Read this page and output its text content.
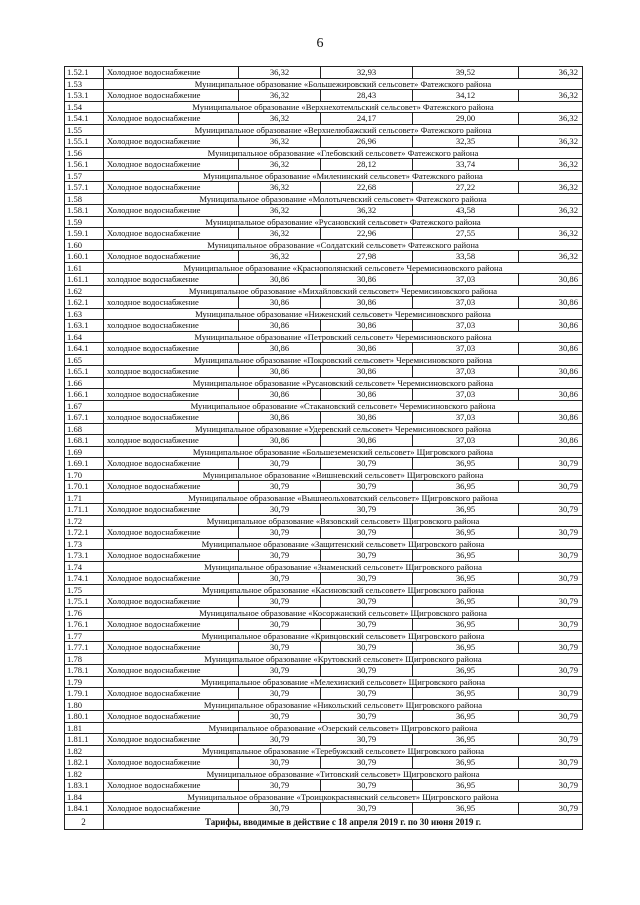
6
1.52.1	Холодное водоснабжение	36,32	32,93	39,52	36,32
1.53	Муниципальное образование «Большежировский сельсовет» Фатежского района				
1.53.1	Холодное водоснабжение	36,32	28,43	34,12	36,32
1.54	Муниципальное образование «Верхнехотемльский сельсовет» Фатежского района				
1.54.1	Холодное водоснабжение	36,32	24,17	29,00	36,32
1.55	Муниципальное образование «Верхнелюбажский сельсовет» Фатежского района				
1.55.1	Холодное водоснабжение	36,32	26,96	32,35	36,32
1.56	Муниципальное образование «Глебовский сельсовет» Фатежского района				
1.56.1	Холодное водоснабжение	36,32	28,12	33,74	36,32
1.57	Муниципальное образование «Миленинский сельсовет» Фатежского района				
1.57.1	Холодное водоснабжение	36,32	22,68	27,22	36,32
1.58	Муниципальное образование «Молотычевский сельсовет» Фатежского района				
1.58.1	Холодное водоснабжение	36,32	36,32	43,58	36,32
1.59	Муниципальное образование «Русановский сельсовет» Фатежского района				
1.59.1	Холодное водоснабжение	36,32	22,96	27,55	36,32
1.60	Муниципальное образование «Солдатский сельсовет» Фатежского района				
1.60.1	Холодное водоснабжение	36,32	27,98	33,58	36,32
1.61	Муниципальное образование «Краснополянский сельсовет» Черемисиновского района				
1.61.1	холодное водоснабжение	30,86	30,86	37,03	30,86
1.62	Муниципальное образование «Михайловский сельсовет» Черемисиновского района				
1.62.1	холодное водоснабжение	30,86	30,86	37,03	30,86
1.63	Муниципальное образование «Ниженский сельсовет» Черемисиновского района				
1.63.1	холодное водоснабжение	30,86	30,86	37,03	30,86
1.64	Муниципальное образование «Петровский сельсовет» Черемисиновского района				
1.64.1	холодное водоснабжение	30,86	30,86	37,03	30,86
1.65	Муниципальное образование «Покровский сельсовет» Черемисиновского района				
1.65.1	холодное водоснабжение	30,86	30,86	37,03	30,86
1.66	Муниципальное образование «Русановский сельсовет» Черемисиновского района				
1.66.1	холодное водоснабжение	30,86	30,86	37,03	30,86
1.67	Муниципальное образование «Стакановский сельсовет» Черемисиновского района				
1.67.1	холодное водоснабжение	30,86	30,86	37,03	30,86
1.68	Муниципальное образование «Удеревский сельсовет» Черемисиновского района				
1.68.1	холодное водоснабжение	30,86	30,86	37,03	30,86
1.69	Муниципальное образование «Большеземенский сельсовет» Щигровского района				
1.69.1	Холодное водоснабжение	30,79	30,79	36,95	30,79
1.70	Муниципальное образование «Вишневский сельсовет» Щигровского района				
1.70.1	Холодное водоснабжение	30,79	30,79	36,95	30,79
1.71	Муниципальное образование «Вышнеольховатский сельсовет» Щигровского района				
1.71.1	Холодное водоснабжение	30,79	30,79	36,95	30,79
1.72	Муниципальное образование «Вязовский сельсовет» Щигровского района				
1.72.1	Холодное водоснабжение	30,79	30,79	36,95	30,79
1.73	Муниципальное образование «Защитенский сельсовет» Щигровского района				
1.73.1	Холодное водоснабжение	30,79	30,79	36,95	30,79
1.74	Муниципальное образование «Знаменский сельсовет» Щигровского района				
1.74.1	Холодное водоснабжение	30,79	30,79	36,95	30,79
1.75	Муниципальное образование «Касиновский сельсовет» Щигровского района				
1.75.1	Холодное водоснабжение	30,79	30,79	36,95	30,79
1.76	Муниципальное образование «Косоржанский сельсовет» Щигровского района				
1.76.1	Холодное водоснабжение	30,79	30,79	36,95	30,79
1.77	Муниципальное образование «Кривцовский сельсовет» Щигровского района				
1.77.1	Холодное водоснабжение	30,79	30,79	36,95	30,79
1.78	Муниципальное образование «Крутовский сельсовет» Щигровского района				
1.78.1	Холодное водоснабжение	30,79	30,79	36,95	30,79
1.79	Муниципальное образование «Мелехинский сельсовет» Щигровского района				
1.79.1	Холодное водоснабжение	30,79	30,79	36,95	30,79
1.80	Муниципальное образование «Никольский сельсовет» Щигровского района				
1.80.1	Холодное водоснабжение	30,79	30,79	36,95	30,79
1.81	Муниципальное образование «Озерский сельсовет» Щигровского района				
1.81.1	Холодное водоснабжение	30,79	30,79	36,95	30,79
1.82	Муниципальное образование «Теребужский сельсовет» Щигровского района				
1.82.1	Холодное водоснабжение	30,79	30,79	36,95	30,79
1.82	Муниципальное образование «Титовский сельсовет» Щигровского района				
1.83.1	Холодное водоснабжение	30,79	30,79	36,95	30,79
1.84	Муниципальное образование «Троицкокраснянский сельсовет» Щигровского района				
1.84.1	Холодное водоснабжение	30,79	30,79	36,95	30,79
2	Тарифы, вводимые в действие с 18 апреля 2019 г. по 30 июня 2019 г.				
